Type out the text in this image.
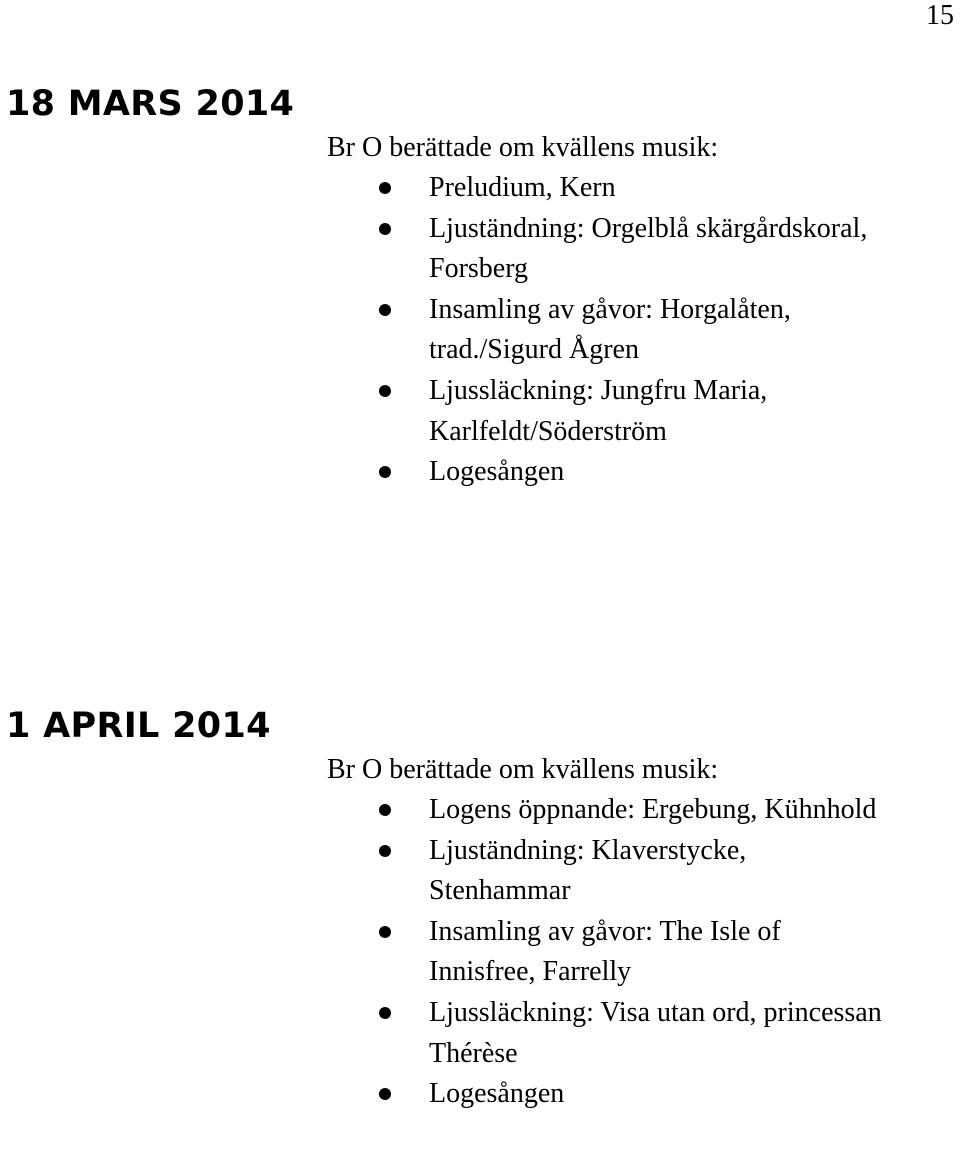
15
18 MARS 2014
Br O berättade om kvällens musik:
Preludium, Kern
Ljuständning: Orgelblå skärgårdskoral, Forsberg
Insamling av gåvor: Horgalåten, trad./Sigurd Ågren
Ljussläckning: Jungfru Maria, Karlfeldt/Söderström
Logesången
1 APRIL 2014
Br O berättade om kvällens musik:
Logens öppnande: Ergebung, Kühnhold
Ljuständning: Klaverstycke, Stenhammar
Insamling av gåvor: The Isle of Innisfree, Farrelly
Ljussläckning: Visa utan ord, princessan Thérèse
Logesången
